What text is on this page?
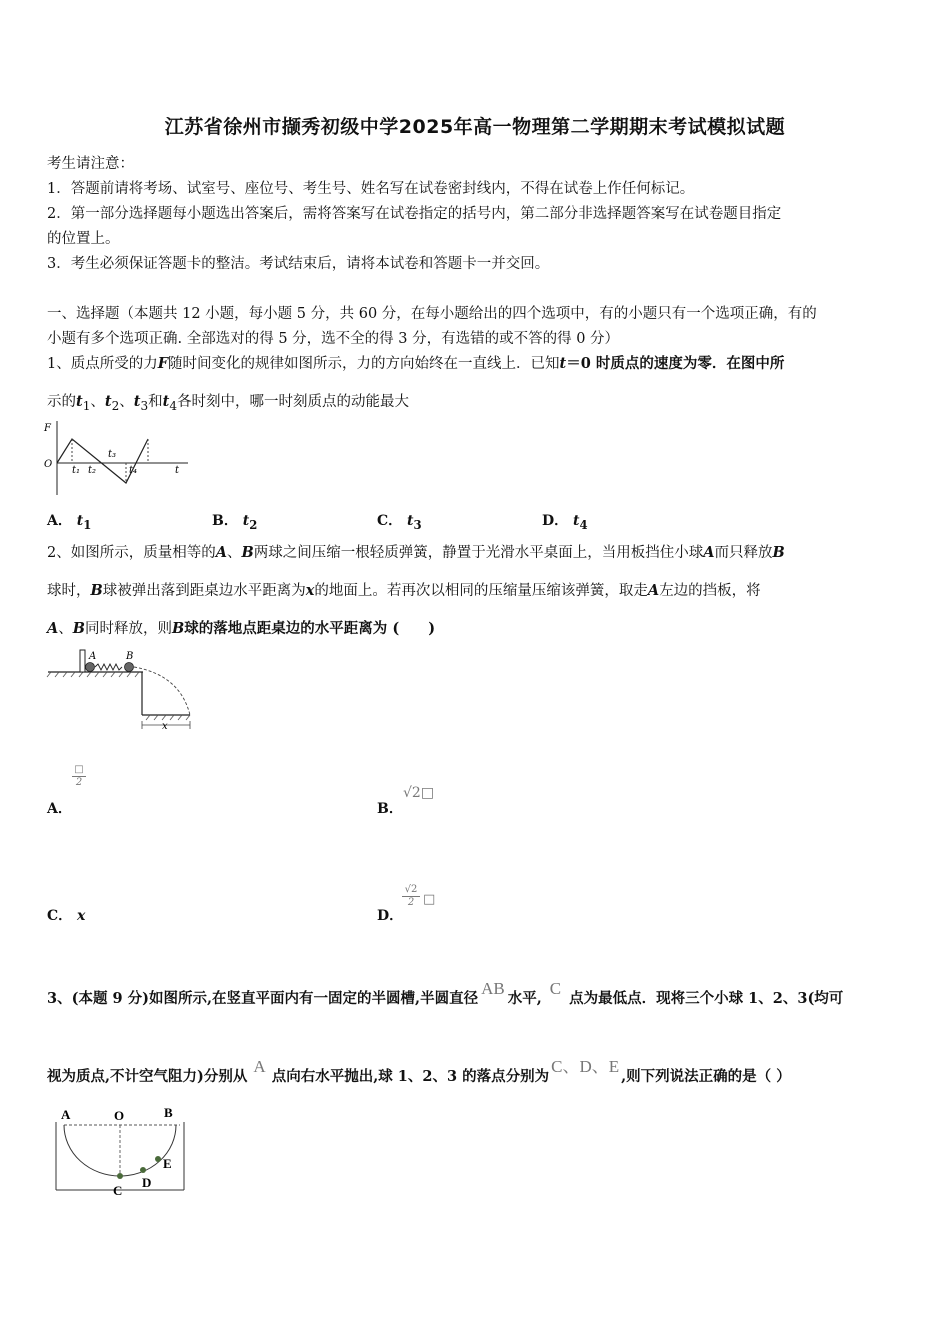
江苏省徐州市撷秀初级中学2025年高一物理第二学期期末考试模拟试题
考生请注意：
1．答题前请将考场、试室号、座位号、考生号、姓名写在试卷密封线内，不得在试卷上作任何标记。
2．第一部分选择题每小题选出答案后，需将答案写在试卷指定的括号内，第二部分非选择题答案写在试卷题目指定
的位置上。
3．考生必须保证答题卡的整洁。考试结束后，请将本试卷和答题卡一并交回。
一、选择题（本题共 12 小题，每小题 5 分，共 60 分，在每小题给出的四个选项中，有的小题只有一个选项正确，有的
小题有多个选项正确. 全部选对的得 5 分，选不全的得 3 分，有选错的或不答的得 0 分）
1、质点所受的力F随时间变化的规律如图所示，力的方向始终在一直线上．已知t＝0 时质点的速度为零．在图中所
示的$t_1$、$t_2$、$t_3$和$t_4$各时刻中，哪一时刻质点的动能最大
F
O
t
t₁ t₂
t₃
t₄
A． $t_1$	B． $t_2$	C． $t_3$	D． $t_4$
2、如图所示，质量相等的A、B两球之间压缩一根轻质弹簧，静置于光滑水平桌面上，当用板挡住小球A而只释放B
球时，B球被弹出落到距桌边水平距离为x的地面上。若再次以相同的压缩量压缩该弹簧，取走A左边的挡板，将
A、B同时释放，则B球的落地点距桌边的水平距离为 (　　)
A	B
x
A．
□
2
B．
√2□
C． x	D．
√2
2 □
3、(本题 9 分)如图所示,在竖直平面内有一固定的半圆槽,半圆直径AB水平,C点为最低点．现将三个小球 1、2、3(均可
视为质点,不计空气阻力)分别从A点向右水平抛出,球 1、2、3 的落点分别为C、D、E,则下列说法正确的是（ ）
A	O	B
C
D
E
